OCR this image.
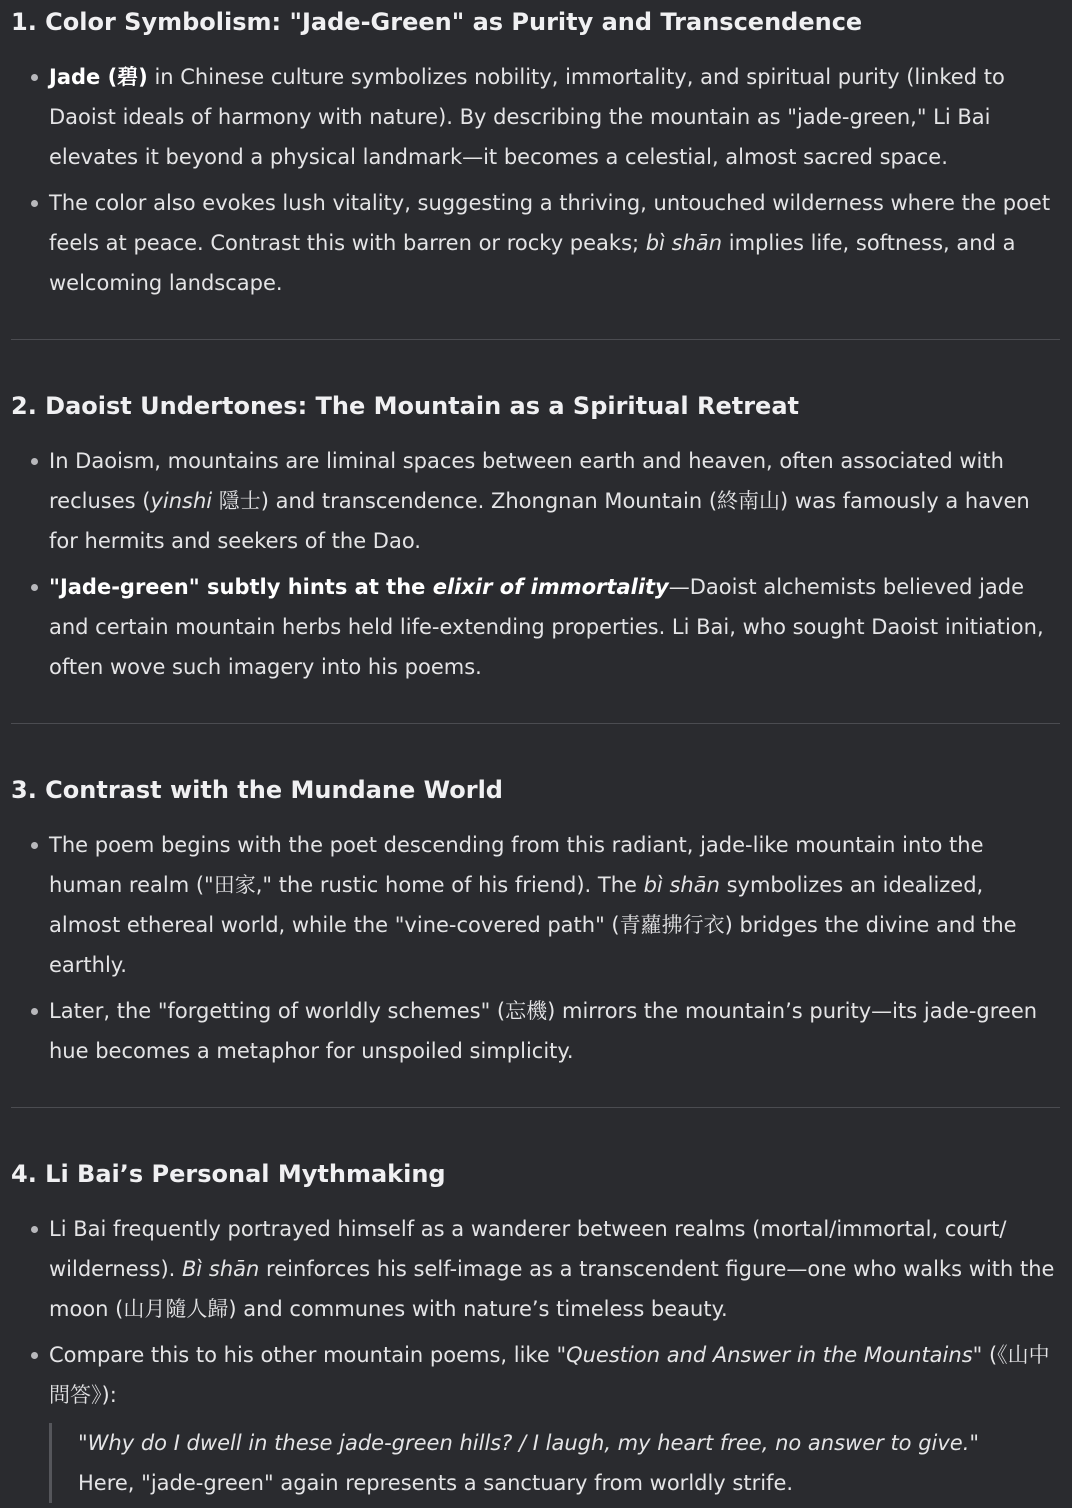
1. Color Symbolism: "Jade-Green" as Purity and Transcendence
Jade (碧) in Chinese culture symbolizes nobility, immortality, and spiritual purity (linked to Daoist ideals of harmony with nature). By describing the mountain as "jade-green," Li Bai elevates it beyond a physical landmark—it becomes a celestial, almost sacred space.
The color also evokes lush vitality, suggesting a thriving, untouched wilderness where the poet feels at peace. Contrast this with barren or rocky peaks; bì shān implies life, softness, and a welcoming landscape.
2. Daoist Undertones: The Mountain as a Spiritual Retreat
In Daoism, mountains are liminal spaces between earth and heaven, often associated with recluses (yinshi 隱士) and transcendence. Zhongnan Mountain (終南山) was famously a haven for hermits and seekers of the Dao.
"Jade-green" subtly hints at the elixir of immortality—Daoist alchemists believed jade and certain mountain herbs held life-extending properties. Li Bai, who sought Daoist initiation, often wove such imagery into his poems.
3. Contrast with the Mundane World
The poem begins with the poet descending from this radiant, jade-like mountain into the human realm ("田家," the rustic home of his friend). The bì shān symbolizes an idealized, almost ethereal world, while the "vine-covered path" (青蘿拂行衣) bridges the divine and the earthly.
Later, the "forgetting of worldly schemes" (忘機) mirrors the mountain’s purity—its jade-green hue becomes a metaphor for unspoiled simplicity.
4. Li Bai’s Personal Mythmaking
Li Bai frequently portrayed himself as a wanderer between realms (mortal/immortal, court/ wilderness). Bì shān reinforces his self-image as a transcendent figure—one who walks with the moon (山月隨人歸) and communes with nature’s timeless beauty.
Compare this to his other mountain poems, like "Question and Answer in the Mountains" (《山中問答》):

"Why do I dwell in these jade-green hills? / I laugh, my heart free, no answer to give."

Here, "jade-green" again represents a sanctuary from worldly strife.
